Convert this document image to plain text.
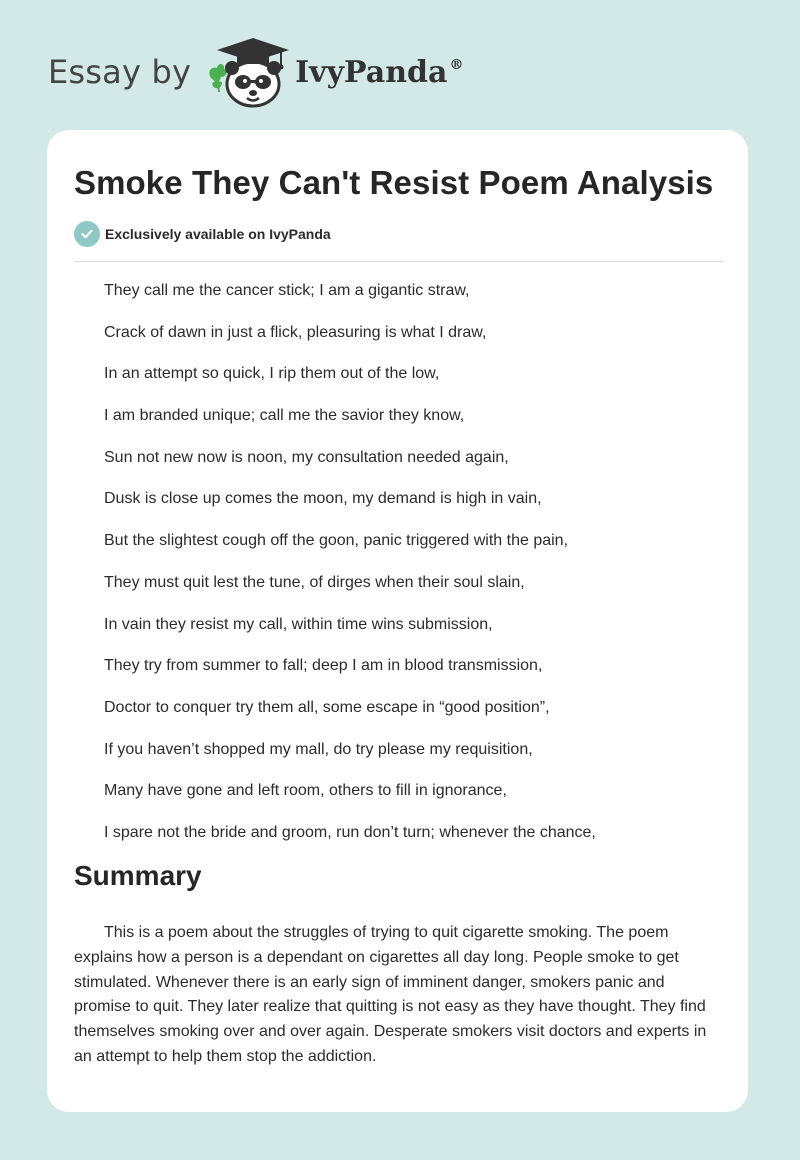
Essay by	IvyPanda ®
Smoke They Can't Resist Poem Analysis
Exclusively available on IvyPanda
They call me the cancer stick; I am a gigantic straw,
Crack of dawn in just a flick, pleasuring is what I draw,
In an attempt so quick, I rip them out of the low,
I am branded unique; call me the savior they know,
Sun not new now is noon, my consultation needed again,
Dusk is close up comes the moon, my demand is high in vain,
But the slightest cough off the goon, panic triggered with the pain,
They must quit lest the tune, of dirges when their soul slain,
In vain they resist my call, within time wins submission,
They try from summer to fall; deep I am in blood transmission,
Doctor to conquer try them all, some escape in “good position”,
If you haven’t shopped my mall, do try please my requisition,
Many have gone and left room, others to fill in ignorance,
I spare not the bride and groom, run don’t turn; whenever the chance,
Summary

This is a poem about the struggles of trying to quit cigarette smoking. The poem explains how a person is a dependant on cigarettes all day long. People smoke to get stimulated. Whenever there is an early sign of imminent danger, smokers panic and promise to quit. They later realize that quitting is not easy as they have thought. They find themselves smoking over and over again. Desperate smokers visit doctors and experts in an attempt to help them stop the addiction.
